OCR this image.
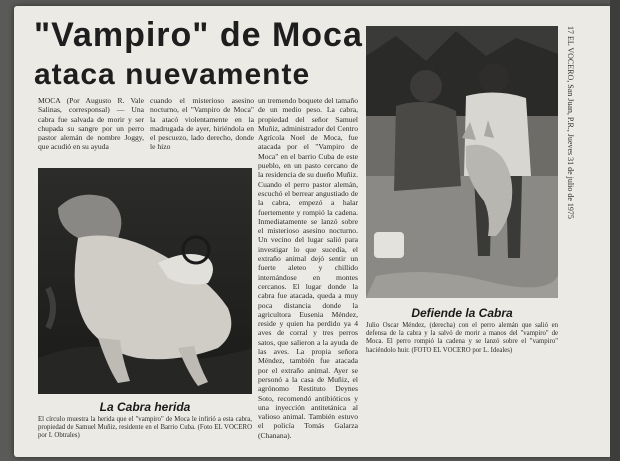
"Vampiro" de Moca
ataca nuevamente
MOCA (Por Augusto R. Vale Salinas, corresponsal) — Una cabra fue salvada de morir y ser chupada su sangre por un perro pastor alemán de nombre Joggy, que acudió en su ayuda
cuando el misterioso asesino nocturno, el "Vampiro de Moca" la atacó violentamente en la madrugada de ayer, hiriéndola en el pescuezo, lado derecho, donde le hizo
un tremendo boquete del tamaño de un medio peso. La cabra, propiedad del señor Samuel Muñiz, administrador del Centro Agrícola Noel de Moca, fue atacada por el "Vampiro de Moca" en el barrio Cuba de este pueblo, en un pasto cercano de la residencia de su dueño Muñiz. Cuando el perro pastor alemán, escuchó el berrear angustiado de la cabra, empezó a halar fuertemente y rompió la cadena. Inmediatamente se lanzó sobre el misterioso asesino nocturno. Un vecino del lugar salió para investigar lo que sucedía, el extraño animal dejó sentir un fuerte aleteo y chillido internándose en montes cercanos. El lugar donde la cabra fue atacada, queda a muy poca distancia donde la agricultora Eusenia Méndez, reside y quien ha perdido ya 4 aves de corral y tres perros satos, que salieron a la ayuda de las aves. La propia señora Méndez, también fue atacada por el extraño animal. Ayer se personó a la casa de Muñiz, el agrónomo Restituto Deynes Soto, recomendó antibióticos y una inyección antitetánica al valioso animal. También estuvo el policía Tomás Galarza (Chanana).
La Cabra herida
El círculo muestra la herida que el "vampiro" de Moca le infirió a esta cabra, propiedad de Samuel Muñiz, residente en el Barrio Cuba. (Foto EL VOCERO por I. Obtrales)
Defiende la Cabra
Julio Oscar Méndez, (derecha) con el perro alemán que salió en defensa de la cabra y la salvó de morir a manos del "vampiro" de Moca. El perro rompió la cadena y se lanzó sobre el "vampiro" haciéndolo huir. (FOTO EL VOCERO por L. Ideales)
17 EL VOCERO, San Juan, P.R., Jueves 31 de julio de 1975
